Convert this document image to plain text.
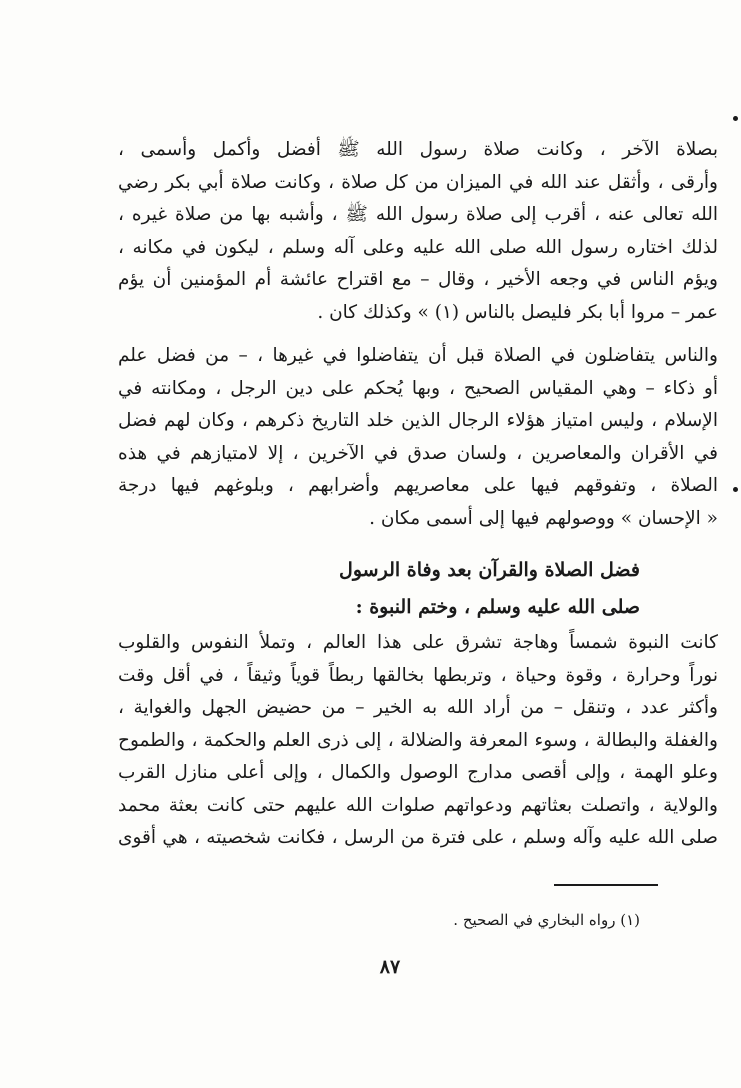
بصلاة الآخر ، وكانت صلاة رسول الله ﷺ أفضل وأكمل وأسمى ،
وأرقى ، وأثقل عند الله في الميزان من كل صلاة ، وكانت صلاة أبي بكر رضي
الله تعالى عنه ، أقرب إلى صلاة رسول الله ﷺ ، وأشبه بها من صلاة غيره ،
لذلك اختاره رسول الله صلى الله عليه وعلى آله وسلم ، ليكون في مكانه ،
ويؤم الناس في وجعه الأخير ، وقال – مع اقتراح عائشة أم المؤمنين أن يؤم
عمر – مروا أبا بكر فليصل بالناس (١) » وكذلك كان .
والناس يتفاضلون في الصلاة قبل أن يتفاضلوا في غيرها ، – من فضل علم
أو ذكاء – وهي المقياس الصحيح ، وبها يُحكم على دين الرجل ، ومكانته في
الإسلام ، وليس امتياز هؤلاء الرجال الذين خلد التاريخ ذكرهم ، وكان لهم فضل
في الأقران والمعاصرين ، ولسان صدق في الآخرين ، إلا لامتيازهم في هذه
الصلاة ، وتفوقهم فيها على معاصريهم وأضرابهم ، وبلوغهم فيها درجة
« الإحسان » ووصولهم فيها إلى أسمى مكان .
فضل الصلاة والقرآن بعد وفاة الرسول
صلى الله عليه وسلم ، وختم النبوة :
كانت النبوة شمساً وهاجة تشرق على هذا العالم ، وتملأ النفوس والقلوب
نوراً وحرارة ، وقوة وحياة ، وتربطها بخالقها ربطاً قوياً وثيقاً ، في أقل وقت
وأكثر عدد ، وتنقل – من أراد الله به الخير – من حضيض الجهل والغواية ،
والغفلة والبطالة ، وسوء المعرفة والضلالة ، إلى ذرى العلم والحكمة ، والطموح
وعلو الهمة ، وإلى أقصى مدارج الوصول والكمال ، وإلى أعلى منازل القرب
والولاية ، واتصلت بعثاتهم ودعواتهم صلوات الله عليهم حتى كانت بعثة محمد
صلى الله عليه وآله وسلم ، على فترة من الرسل ، فكانت شخصيته ، هي أقوى
(١) رواه البخاري في الصحيح .
٨٧
